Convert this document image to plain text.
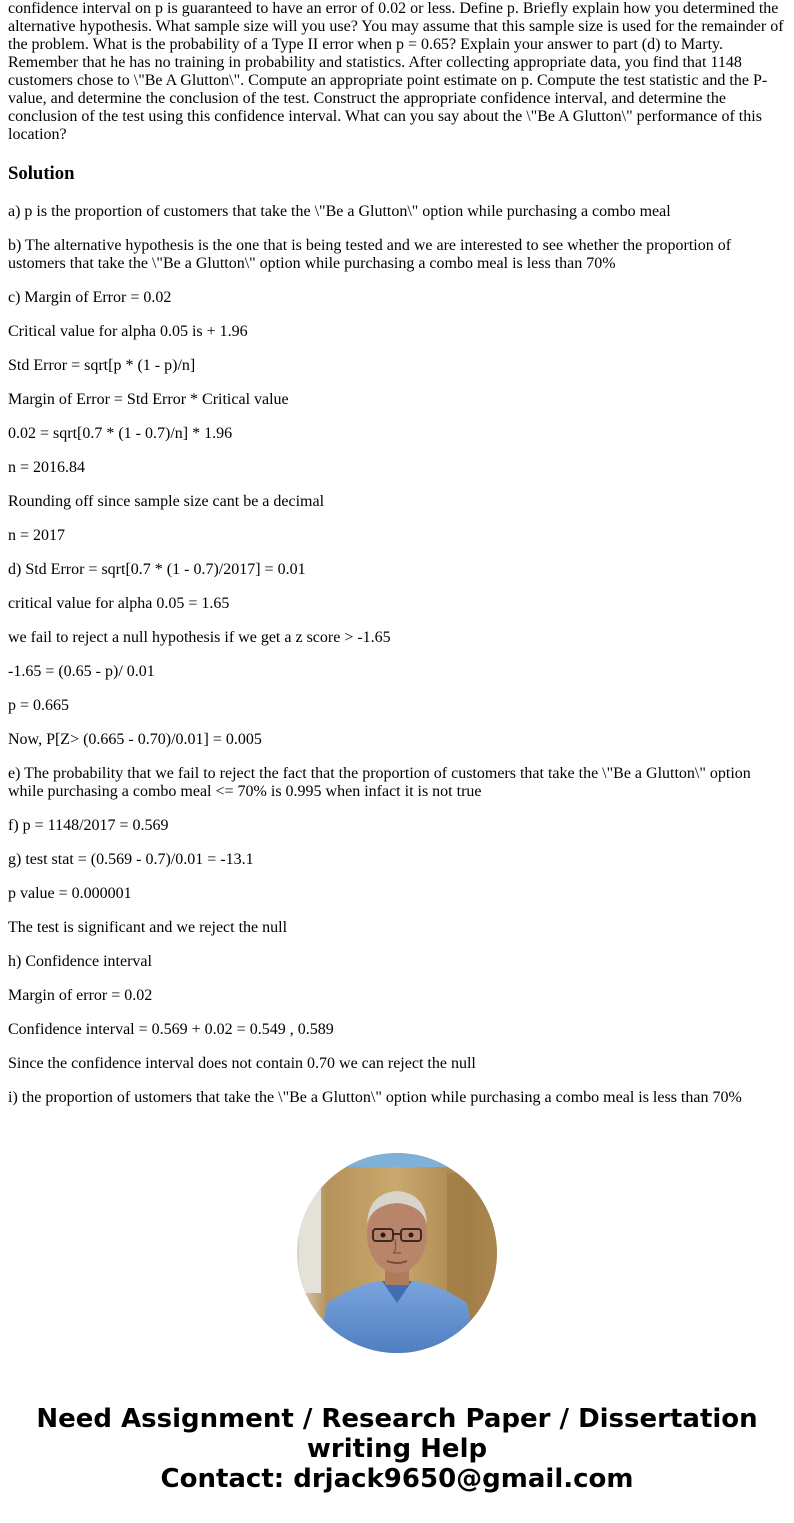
confidence interval on p is guaranteed to have an error of 0.02 or less. Define p. Briefly explain how you determined the alternative hypothesis. What sample size will you use? You may assume that this sample size is used for the remainder of the problem. What is the probability of a Type II error when p = 0.65? Explain your answer to part (d) to Marty. Remember that he has no training in probability and statistics. After collecting appropriate data, you find that 1148 customers chose to \"Be A Glutton\". Compute an appropriate point estimate on p. Compute the test statistic and the P-value, and determine the conclusion of the test. Construct the appropriate confidence interval, and determine the conclusion of the test using this confidence interval. What can you say about the \"Be A Glutton\" performance of this location?

Solution

a) p is the proportion of customers that take the \"Be a Glutton\" option while purchasing a combo meal

b) The alternative hypothesis is the one that is being tested and we are interested to see whether the proportion of ustomers that take the \"Be a Glutton\" option while purchasing a combo meal is less than 70%

c) Margin of Error = 0.02

Critical value for alpha 0.05 is + 1.96

Std Error = sqrt[p * (1 - p)/n]

Margin of Error = Std Error * Critical value

0.02 = sqrt[0.7 * (1 - 0.7)/n] * 1.96

n = 2016.84

Rounding off since sample size cant be a decimal

n = 2017

d) Std Error = sqrt[0.7 * (1 - 0.7)/2017] = 0.01

critical value for alpha 0.05 = 1.65

we fail to reject a null hypothesis if we get a z score > -1.65

-1.65 = (0.65 - p)/ 0.01

p = 0.665

Now, P[Z> (0.665 - 0.70)/0.01] = 0.005

e) The probability that we fail to reject the fact that the proportion of customers that take the \"Be a Glutton\" option while purchasing a combo meal <= 70% is 0.995 when infact it is not true

f) p = 1148/2017 = 0.569

g) test stat = (0.569 - 0.7)/0.01 = -13.1

p value = 0.000001

The test is significant and we reject the null

h) Confidence interval

Margin of error = 0.02

Confidence interval = 0.569 + 0.02 = 0.549 , 0.589

Since the confidence interval does not contain 0.70 we can reject the null

i) the proportion of ustomers that take the \"Be a Glutton\" option while purchasing a combo meal is less than 70%

Need Assignment / Research Paper / Dissertation
writing Help
Contact: drjack9650@gmail.com
